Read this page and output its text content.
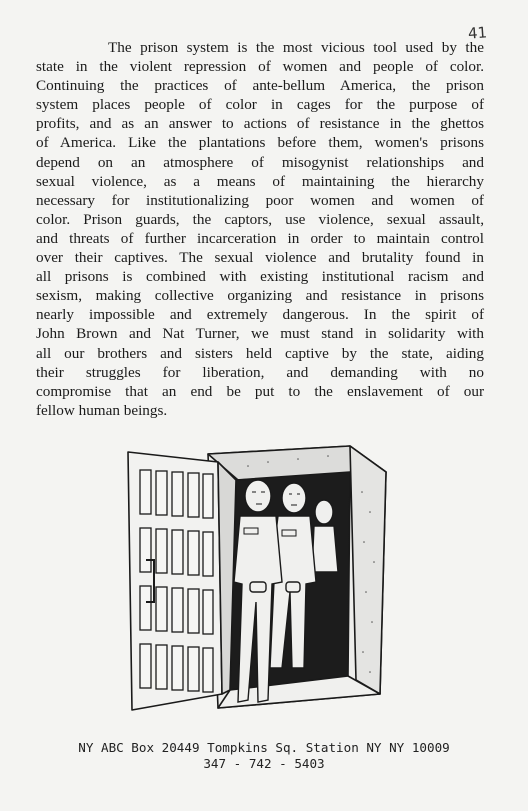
41
The prison system is the most vicious tool used by the
state in the violent repression of women and people of color.
Continuing the practices of ante-bellum America, the prison
system places people of color in cages for the purpose of
profits, and as an answer to actions of resistance in the ghettos
of America. Like the plantations before them, women's prisons
depend on an atmosphere of misogynist relationships and
sexual violence, as a means of maintaining the hierarchy
necessary for institutionalizing poor women and women of
color. Prison guards, the captors, use violence, sexual assault,
and threats of further incarceration in order to maintain control
over their captives. The sexual violence and brutality found in
all prisons is combined with existing institutional racism and
sexism, making collective organizing and resistance in prisons
nearly impossible and extremely dangerous. In the spirit of
John Brown and Nat Turner, we must stand in solidarity with
all our brothers and sisters held captive by the state, aiding
their struggles for liberation, and demanding with no
compromise that an end be put to the enslavement of our
fellow human beings.
NY ABC Box 20449 Tompkins Sq. Station NY NY 10009
347 - 742 - 5403
